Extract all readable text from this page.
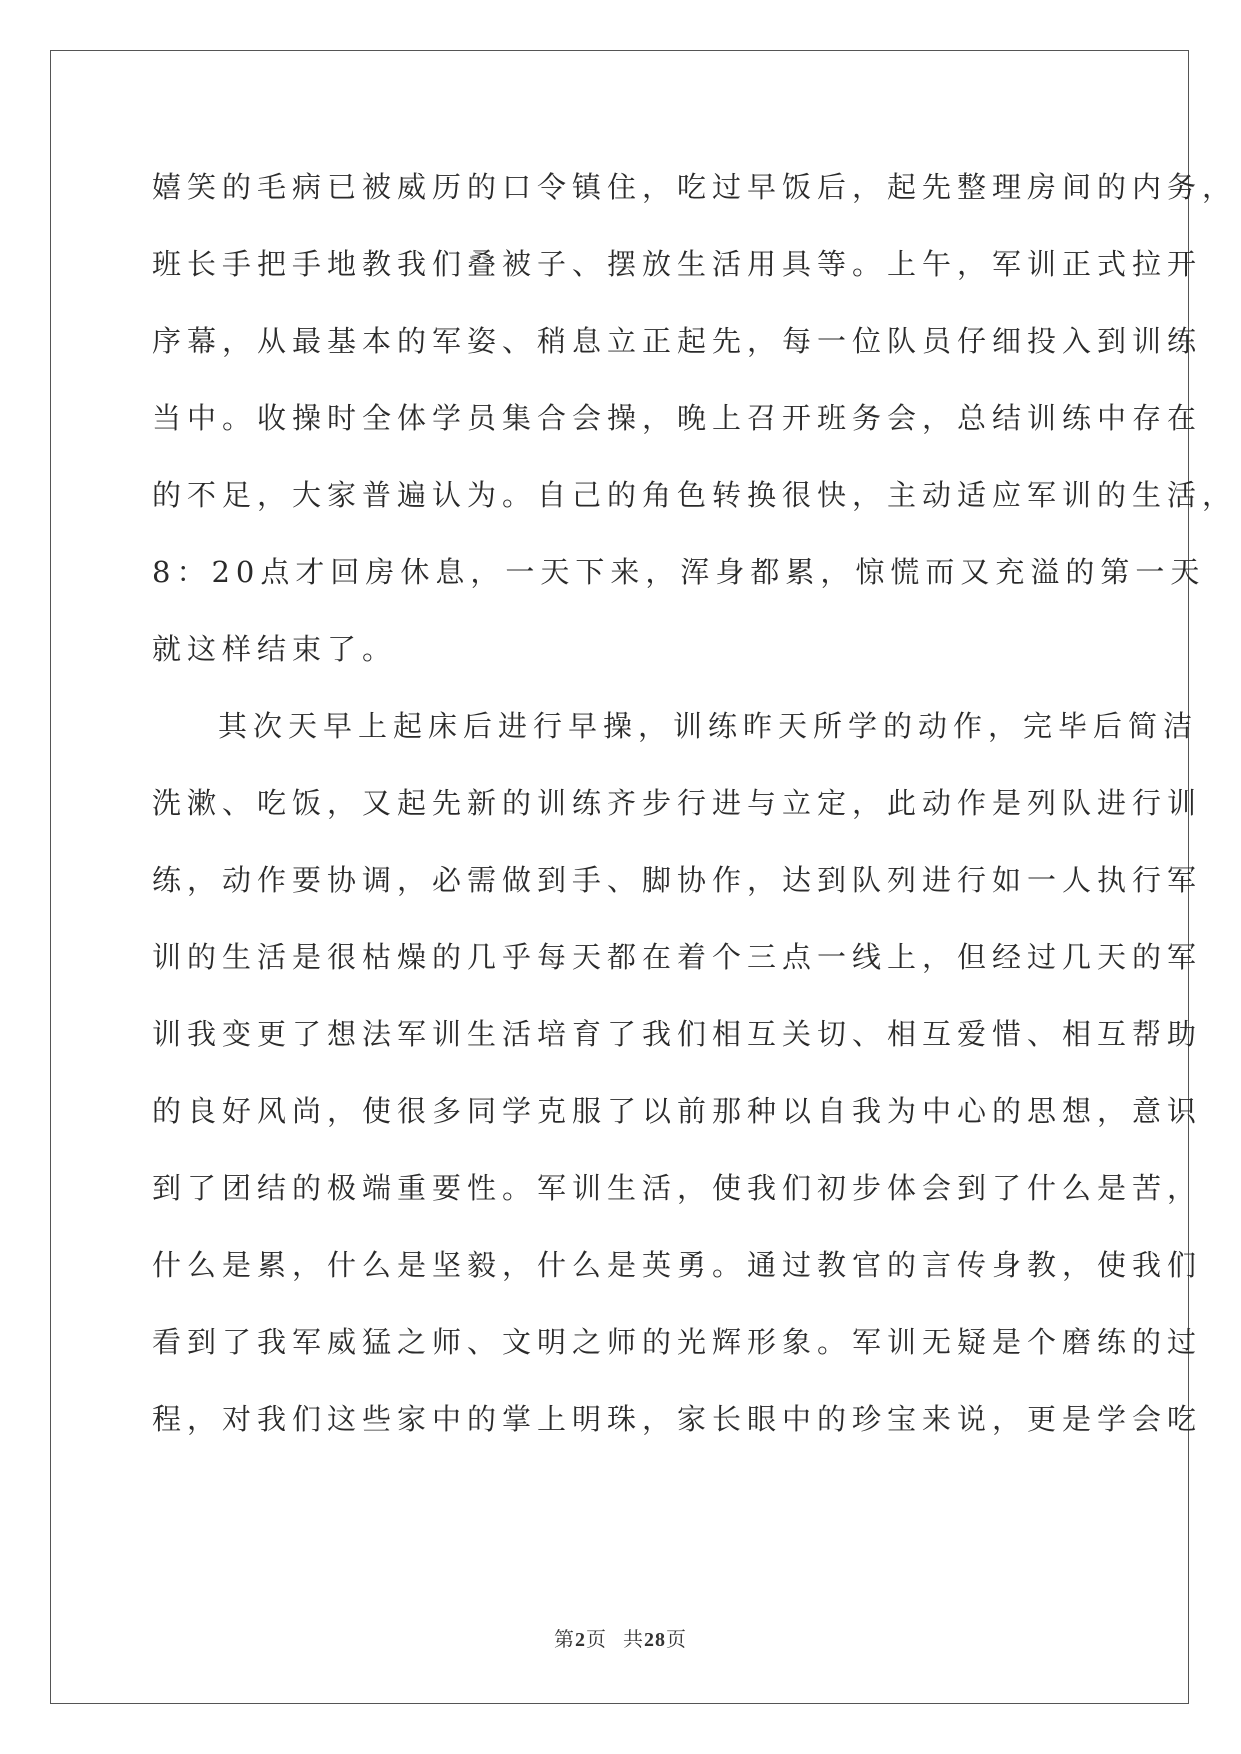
嬉笑的毛病已被威历的口令镇住，吃过早饭后，起先整理房间的内务，
班长手把手地教我们叠被子、摆放生活用具等。上午，军训正式拉开
序幕，从最基本的军姿、稍息立正起先，每一位队员仔细投入到训练
当中。收操时全体学员集合会操，晚上召开班务会，总结训练中存在
的不足，大家普遍认为。自己的角色转换很快，主动适应军训的生活，
8：20点才回房休息，一天下来，浑身都累，惊慌而又充溢的第一天
就这样结束了。
其次天早上起床后进行早操，训练昨天所学的动作，完毕后简洁
洗漱、吃饭，又起先新的训练齐步行进与立定，此动作是列队进行训
练，动作要协调，必需做到手、脚协作，达到队列进行如一人执行军
训的生活是很枯燥的几乎每天都在着个三点一线上，但经过几天的军
训我变更了想法军训生活培育了我们相互关切、相互爱惜、相互帮助
的良好风尚，使很多同学克服了以前那种以自我为中心的思想，意识
到了团结的极端重要性。军训生活，使我们初步体会到了什么是苦，
什么是累，什么是坚毅，什么是英勇。通过教官的言传身教，使我们
看到了我军威猛之师、文明之师的光辉形象。军训无疑是个磨练的过
程，对我们这些家中的掌上明珠，家长眼中的珍宝来说，更是学会吃
第2页 共28页
